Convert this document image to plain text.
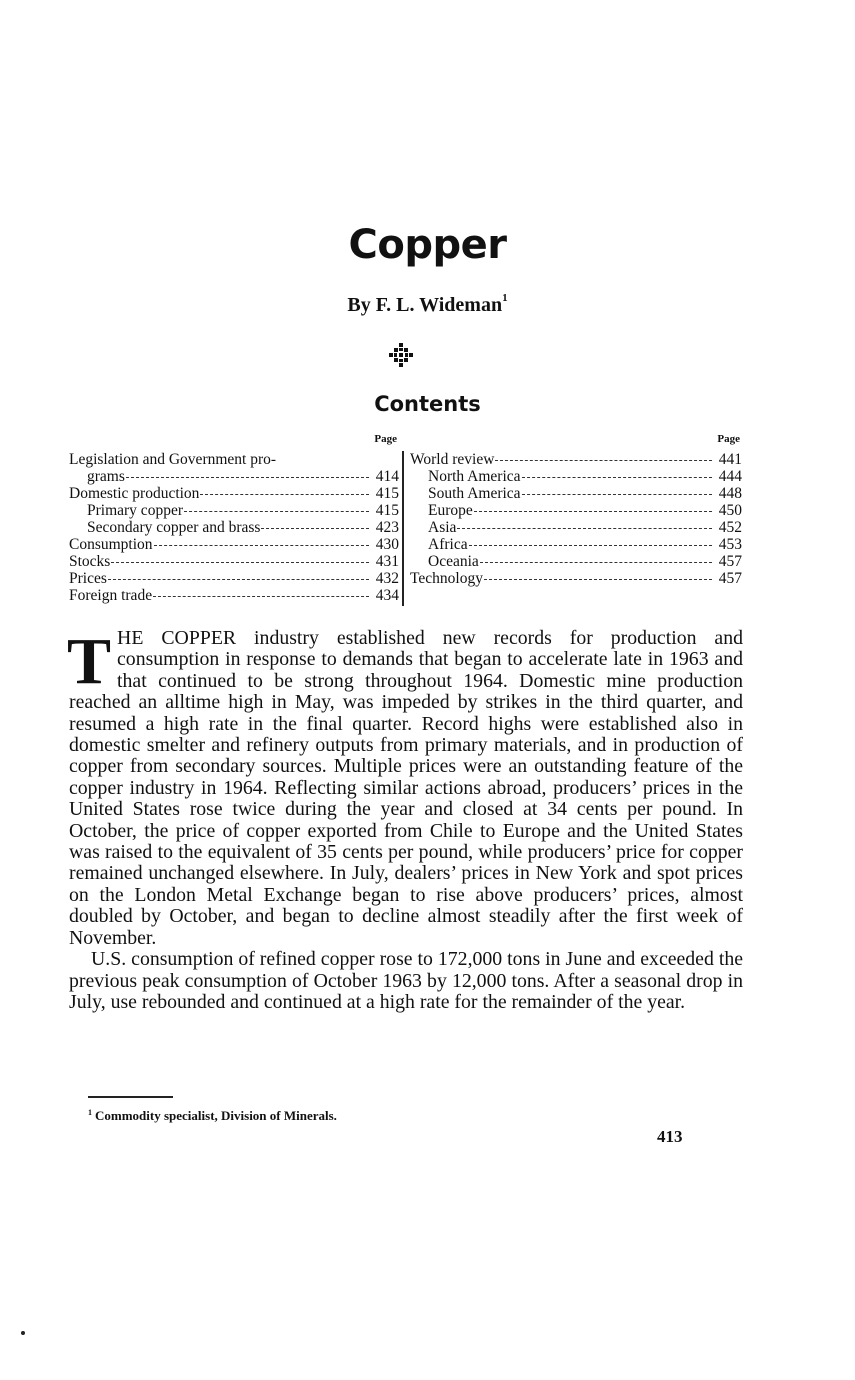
Copper
By F. L. Wideman$^1$
Contents
Page
Legislation and Government pro-
grams	414
Domestic production	415
Primary copper	415
Secondary copper and brass	423
Consumption	430
Stocks	431
Prices	432
Foreign trade	434
Page
World review	441
North America	444
South America	448
Europe	450
Asia	452
Africa	453
Oceania	457
Technology	457

THE COPPER industry established new records for production and consumption in response to demands that began to accelerate late in 1963 and that continued to be strong throughout 1964. Domestic mine production reached an alltime high in May, was impeded by strikes in the third quarter, and resumed a high rate in the final quarter. Record highs were established also in domestic smelter and refinery outputs from primary materials, and in production of copper from secondary sources. Multiple prices were an outstanding feature of the copper industry in 1964. Reflecting similar actions abroad, producers’ prices in the United States rose twice during the year and closed at 34 cents per pound. In October, the price of copper exported from Chile to Europe and the United States was raised to the equivalent of 35 cents per pound, while producers’ price for copper remained unchanged elsewhere. In July, dealers’ prices in New York and spot prices on the London Metal Exchange began to rise above producers’ prices, almost doubled by October, and began to decline almost steadily after the first week of November.

U.S. consumption of refined copper rose to 172,000 tons in June and exceeded the previous peak consumption of October 1963 by 12,000 tons. After a seasonal drop in July, use rebounded and continued at a high rate for the remainder of the year.

$^1$ Commodity specialist, Division of Minerals.
413
